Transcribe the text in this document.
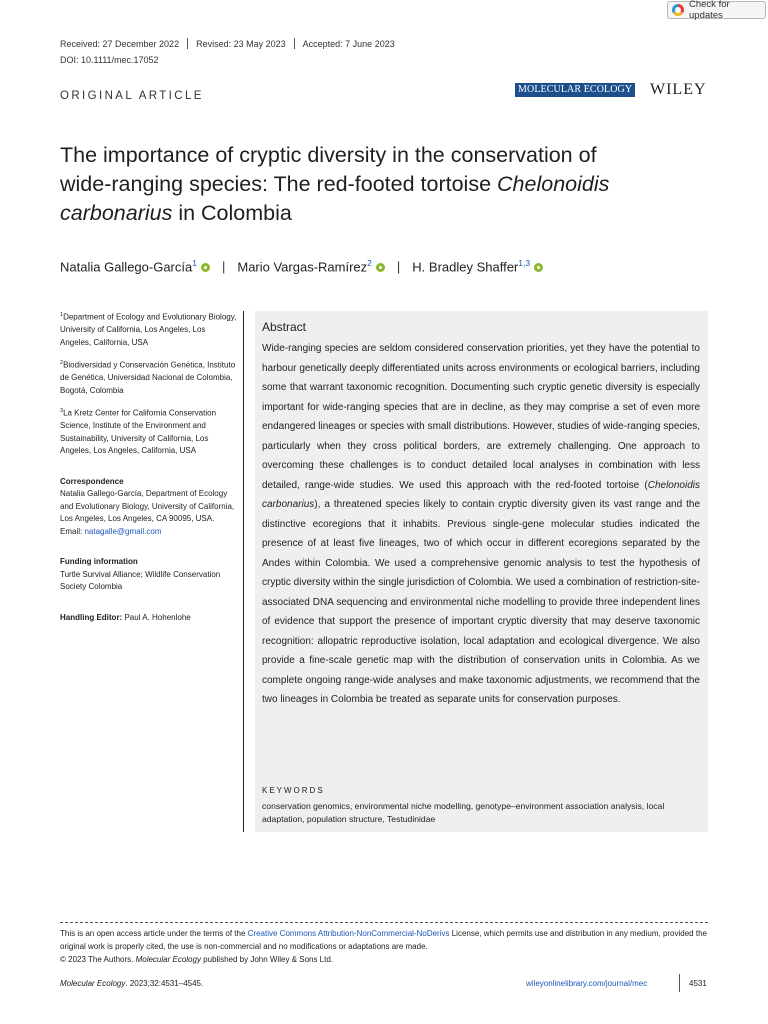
Check for updates
Received: 27 December 2022 Revised: 23 May 2023 Accepted: 7 June 2023
DOI: 10.1111/mec.17052
ORIGINAL ARTICLE
MOLECULAR ECOLOGY WILEY
The importance of cryptic diversity in the conservation of
wide-ranging species: The red-footed tortoise Chelonoidis
carbonarius in Colombia
Natalia Gallego-García$^1$ | Mario Vargas-Ramírez$^2$ | H. Bradley Shaffer$^{1,3}$

$^1$Department of Ecology and Evolutionary Biology, University of California, Los Angeles, Los Angeles, California, USA

$^2$Biodiversidad y Conservación Genética, Instituto de Genética, Universidad Nacional de Colombia, Bogotá, Colombia

$^3$La Kretz Center for California Conservation Science, Institute of the Environment and Sustainability, University of California, Los Angeles, Los Angeles, California, USA

Correspondence
Natalia Gallego-García, Department of Ecology and Evolutionary Biology, University of California, Los Angeles, Los Angeles, CA 90095, USA.
Email: natagalle@gmail.com

Funding information
Turtle Survival Alliance; Wildlife Conservation Society Colombia

Handling Editor: Paul A. Hohenlohe

Abstract

Wide-ranging species are seldom considered conservation priorities, yet they have the potential to harbour genetically deeply differentiated units across environments or ecological barriers, including some that warrant taxonomic recognition. Documenting such cryptic genetic diversity is especially important for wide-ranging species that are in decline, as they may comprise a set of even more endangered lineages or species with small distributions. However, studies of wide-ranging species, particularly when they cross political borders, are extremely challenging. One approach to overcoming these challenges is to conduct detailed local analyses in combination with less detailed, range-wide studies. We used this approach with the red-footed tortoise (Chelonoidis carbonarius), a threatened species likely to contain cryptic diversity given its vast range and the distinctive ecoregions that it inhabits. Previous single-gene molecular studies indicated the presence of at least five lineages, two of which occur in different ecoregions separated by the Andes within Colombia. We used a comprehensive genomic analysis to test the hypothesis of cryptic diversity within the single jurisdiction of Colombia. We used a combination of restriction-site-associated DNA sequencing and environmental niche modelling to provide three independent lines of evidence that support the presence of important cryptic diversity that may deserve taxonomic recognition: allopatric reproductive isolation, local adaptation and ecological divergence. We also provide a fine-scale genetic map with the distribution of conservation units in Colombia. As we complete ongoing range-wide analyses and make taxonomic adjustments, we recommend that the two lineages in Colombia be treated as separate units for conservation purposes.

KEYWORDS
conservation genomics, environmental niche modelling, genotype–environment association analysis, local adaptation, population structure, Testudinidae
This is an open access article under the terms of the Creative Commons Attribution-NonCommercial-NoDerivs License, which permits use and distribution in any medium, provided the original work is properly cited, the use is non-commercial and no modifications or adaptations are made.
© 2023 The Authors. Molecular Ecology published by John Wiley & Sons Ltd.
Molecular Ecology. 2023;32:4531–4545.	wileyonlinelibrary.com/journal/mec	4531
